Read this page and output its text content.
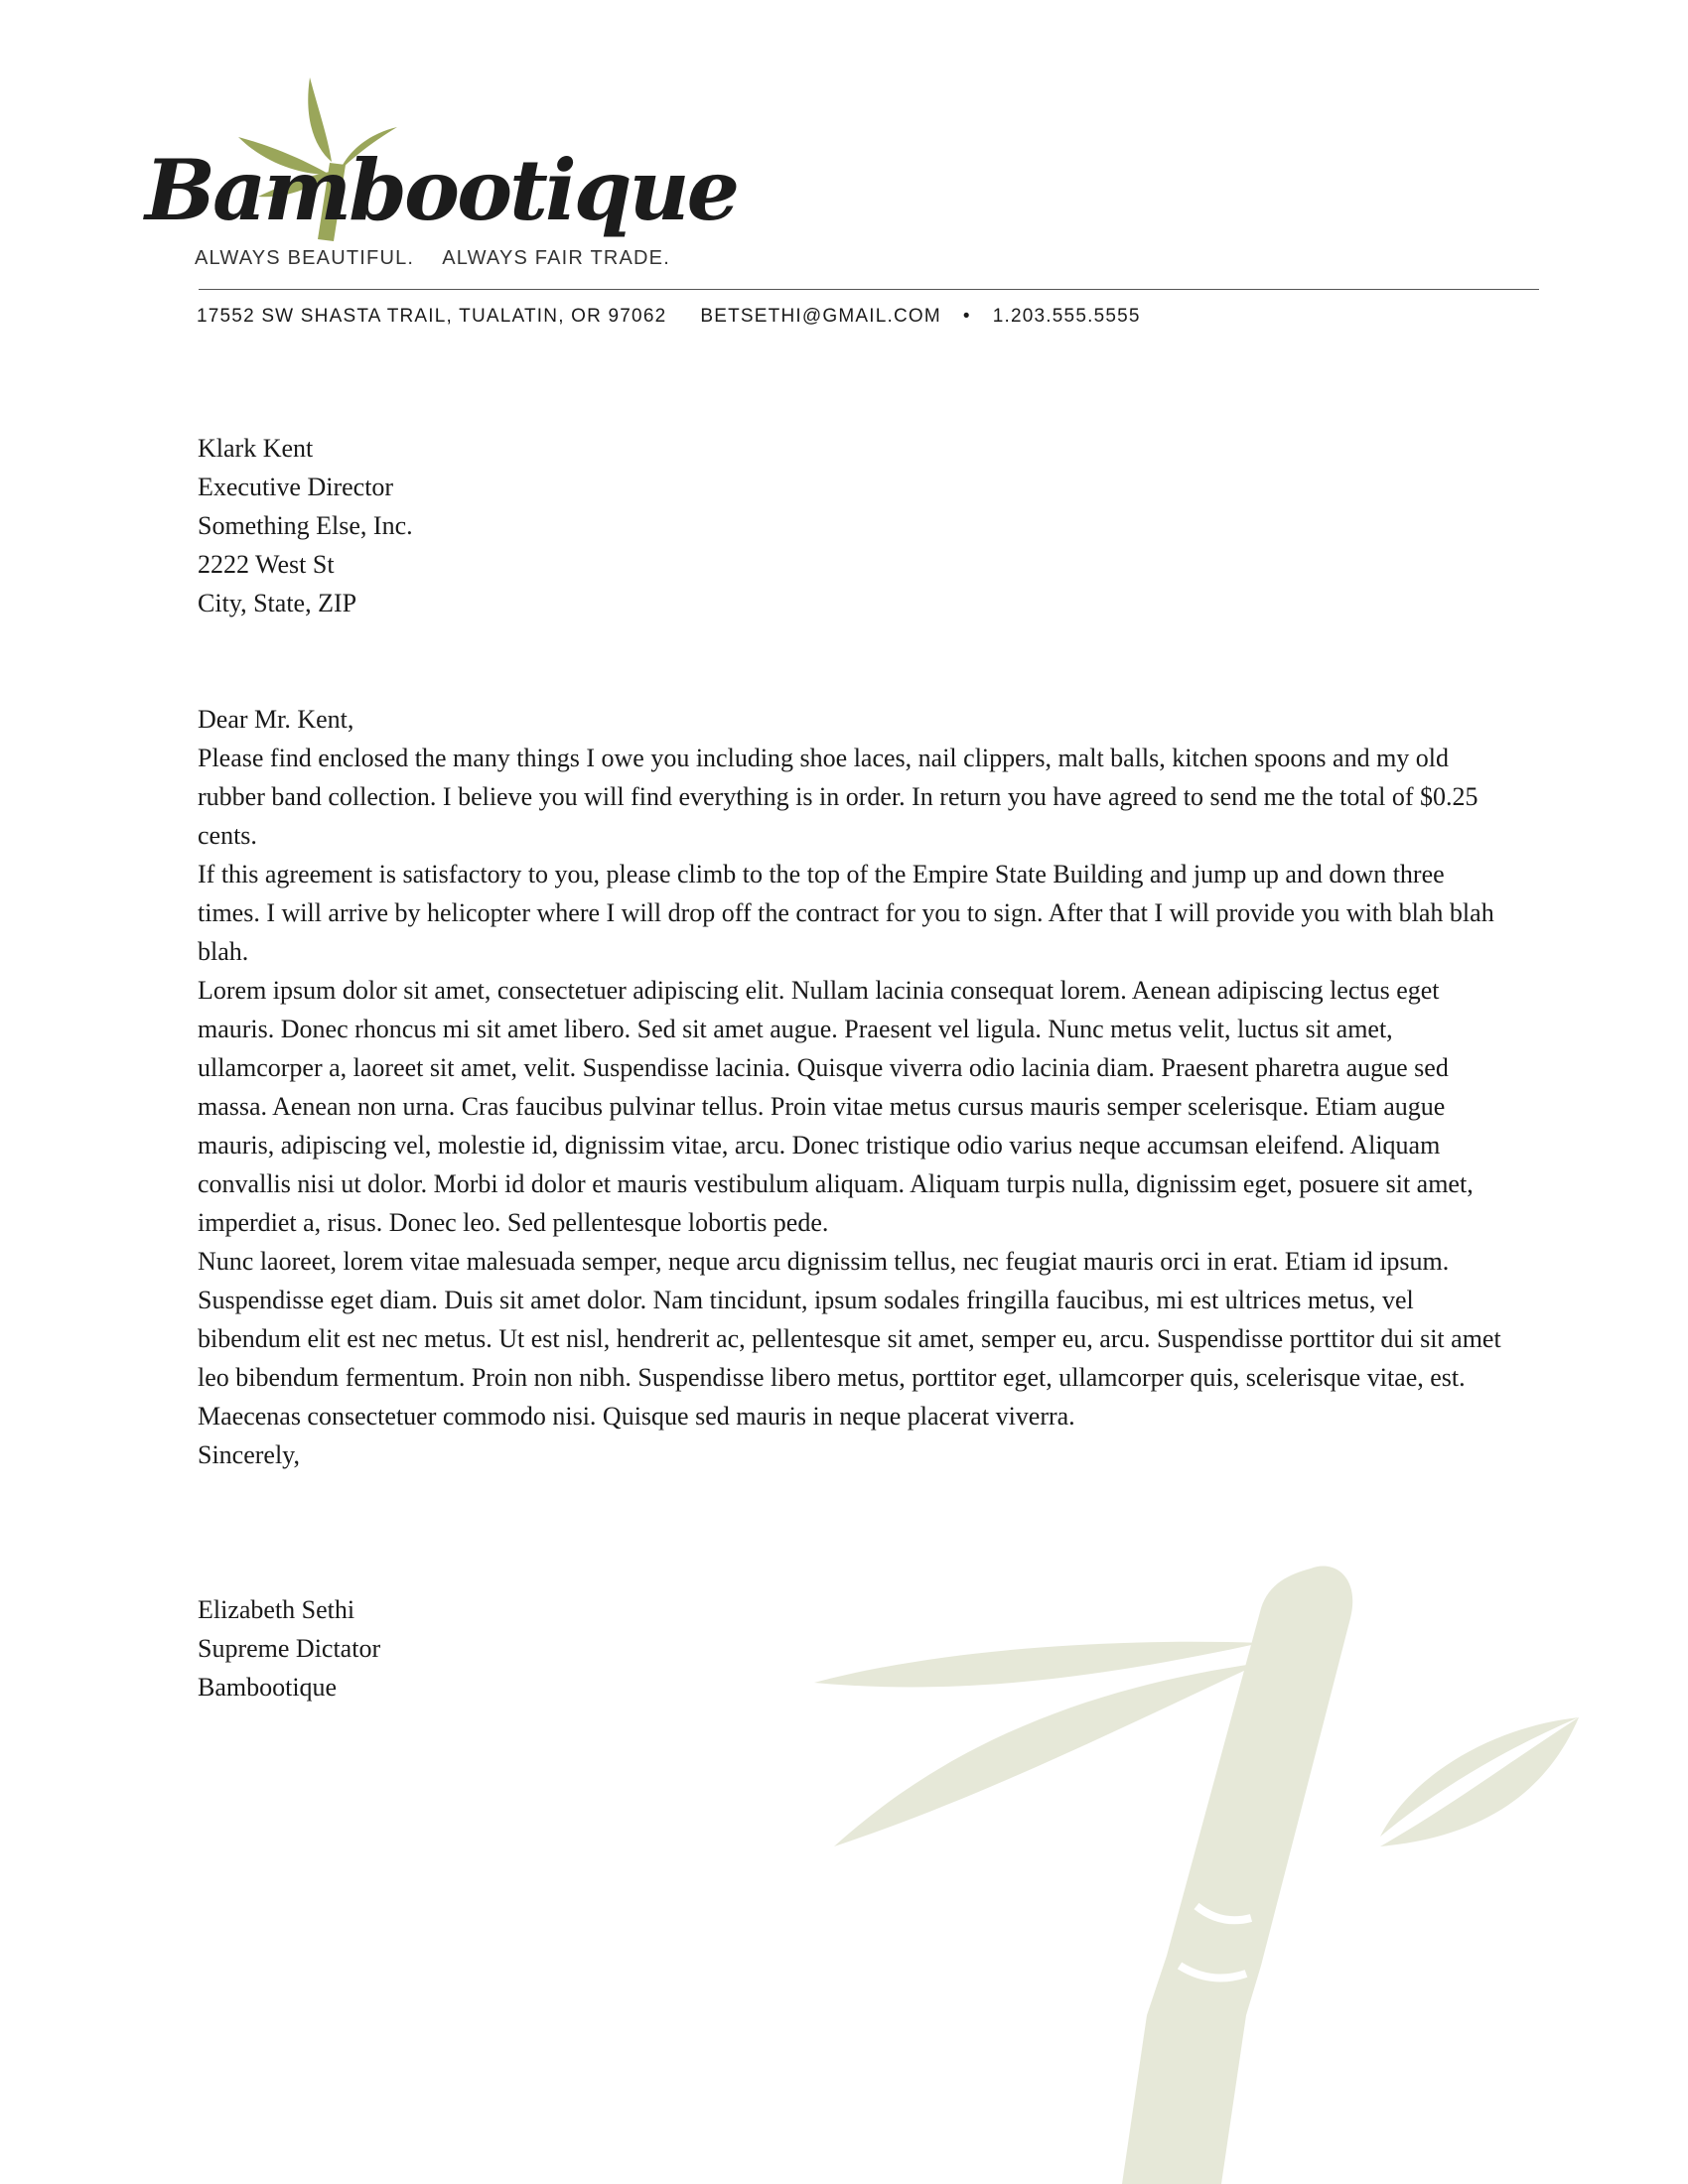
Bambootique
ALWAYS BEAUTIFUL. ALWAYS FAIR TRADE.
17552 SW SHASTA TRAIL, TUALATIN, OR 97062 BETSETHI@GMAIL.COM • 1.203.555.5555

Klark Kent

Executive Director

Something Else, Inc.

2222 West St

City, State, ZIP

Dear Mr. Kent,

Please find enclosed the many things I owe you including shoe laces, nail clippers, malt balls, kitchen spoons and my old rubber band collection. I believe you will find everything is in order. In return you have agreed to send me the total of $0.25 cents.

If this agreement is satisfactory to you, please climb to the top of the Empire State Building and jump up and down three times. I will arrive by helicopter where I will drop off the contract for you to sign. After that I will provide you with blah blah blah.

Lorem ipsum dolor sit amet, consectetuer adipiscing elit. Nullam lacinia consequat lorem. Aenean adipiscing lectus eget mauris. Donec rhoncus mi sit amet libero. Sed sit amet augue. Praesent vel ligula. Nunc metus velit, luctus sit amet, ullamcorper a, laoreet sit amet, velit. Suspendisse lacinia. Quisque viverra odio lacinia diam. Praesent pharetra augue sed massa. Aenean non urna. Cras faucibus pulvinar tellus. Proin vitae metus cursus mauris semper scelerisque. Etiam augue mauris, adipiscing vel, molestie id, dignissim vitae, arcu. Donec tristique odio varius neque accumsan eleifend. Aliquam convallis nisi ut dolor. Morbi id dolor et mauris vestibulum aliquam. Aliquam turpis nulla, dignissim eget, posuere sit amet, imperdiet a, risus. Donec leo. Sed pellentesque lobortis pede.

Nunc laoreet, lorem vitae malesuada semper, neque arcu dignissim tellus, nec feugiat mauris orci in erat. Etiam id ipsum. Suspendisse eget diam. Duis sit amet dolor. Nam tincidunt, ipsum sodales fringilla faucibus, mi est ultrices metus, vel bibendum elit est nec metus. Ut est nisl, hendrerit ac, pellentesque sit amet, semper eu, arcu. Suspendisse porttitor dui sit amet leo bibendum fermentum. Proin non nibh. Suspendisse libero metus, porttitor eget, ullamcorper quis, scelerisque vitae, est. Maecenas consectetuer commodo nisi. Quisque sed mauris in neque placerat viverra.

Sincerely,

Elizabeth Sethi

Supreme Dictator

Bambootique
